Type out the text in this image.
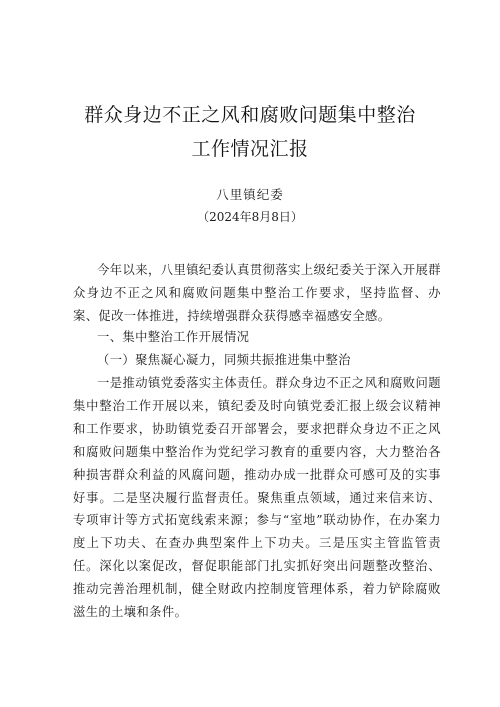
群众身边不正之风和腐败问题集中整治
工作情况汇报
八里镇纪委
（2024年8月8日）

今年以来，八里镇纪委认真贯彻落实上级纪委关于深入开展群众身边不正之风和腐败问题集中整治工作要求，坚持监督、办案、促改一体推进，持续增强群众获得感幸福感安全感。

一、集中整治工作开展情况
（一）聚焦凝心凝力，同频共振推进集中整治

一是推动镇党委落实主体责任。群众身边不正之风和腐败问题集中整治工作开展以来，镇纪委及时向镇党委汇报上级会议精神和工作要求，协助镇党委召开部署会，要求把群众身边不正之风和腐败问题集中整治作为党纪学习教育的重要内容，大力整治各种损害群众利益的风腐问题，推动办成一批群众可感可及的实事好事。二是坚决履行监督责任。聚焦重点领域，通过来信来访、专项审计等方式拓宽线索来源；参与“室地”联动协作，在办案力度上下功夫、在查办典型案件上下功夫。三是压实主管监管责任。深化以案促改，督促职能部门扎实抓好突出问题整改整治、推动完善治理机制，健全财政内控制度管理体系，着力铲除腐败滋生的土壤和条件。
